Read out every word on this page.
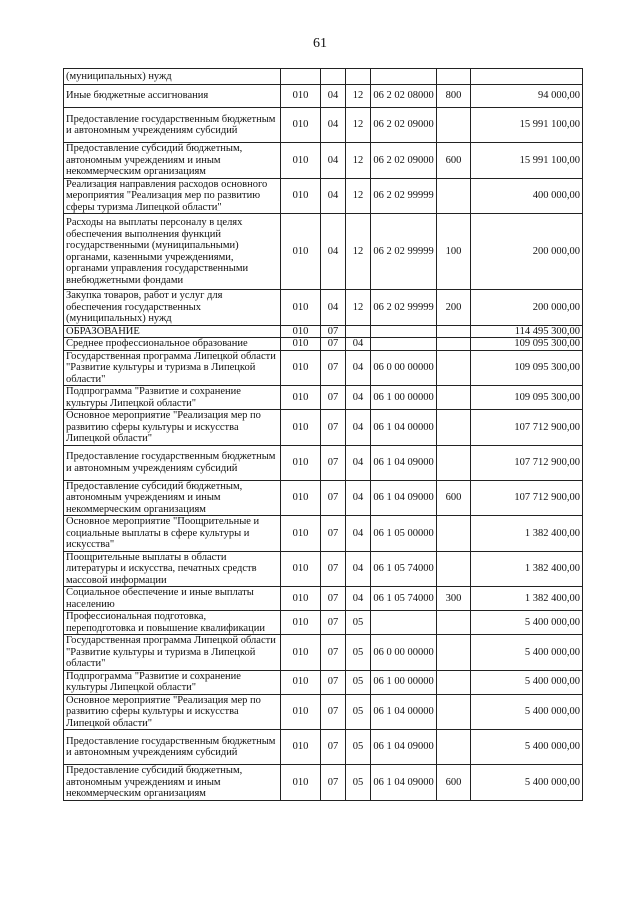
61
(муниципальных) нужд						
Иные бюджетные ассигнования	010	04	12	06 2 02 08000	800	94 000,00
Предоставление государственным бюджетным и автономным учреждениям субсидий	010	04	12	06 2 02 09000		15 991 100,00
Предоставление субсидий бюджетным, автономным учреждениям и иным некоммерческим организациям	010	04	12	06 2 02 09000	600	15 991 100,00
Реализация направления расходов основного мероприятия "Реализация мер по развитию сферы туризма Липецкой области"	010	04	12	06 2 02 99999		400 000,00
Расходы на выплаты персоналу в целях обеспечения выполнения функций государственными (муниципальными) органами, казенными учреждениями, органами управления государственными внебюджетными фондами	010	04	12	06 2 02 99999	100	200 000,00
Закупка товаров, работ и услуг для обеспечения государственных (муниципальных) нужд	010	04	12	06 2 02 99999	200	200 000,00
ОБРАЗОВАНИЕ	010	07				114 495 300,00
Среднее профессиональное образование	010	07	04			109 095 300,00
Государственная программа Липецкой области "Развитие культуры и туризма в Липецкой области"	010	07	04	06 0 00 00000		109 095 300,00
Подпрограмма "Развитие и сохранение культуры Липецкой области"	010	07	04	06 1 00 00000		109 095 300,00
Основное мероприятие "Реализация мер по развитию сферы культуры и искусства Липецкой области"	010	07	04	06 1 04 00000		107 712 900,00
Предоставление государственным бюджетным и автономным учреждениям субсидий	010	07	04	06 1 04 09000		107 712 900,00
Предоставление субсидий бюджетным, автономным учреждениям и иным некоммерческим организациям	010	07	04	06 1 04 09000	600	107 712 900,00
Основное мероприятие "Поощрительные и социальные выплаты в сфере культуры и искусства"	010	07	04	06 1 05 00000		1 382 400,00
Поощрительные выплаты в области литературы и искусства, печатных средств массовой информации	010	07	04	06 1 05 74000		1 382 400,00
Социальное обеспечение и иные выплаты населению	010	07	04	06 1 05 74000	300	1 382 400,00
Профессиональная подготовка, переподготовка и повышение квалификации	010	07	05			5 400 000,00
Государственная программа Липецкой области "Развитие культуры и туризма в Липецкой области"	010	07	05	06 0 00 00000		5 400 000,00
Подпрограмма "Развитие и сохранение культуры Липецкой области"	010	07	05	06 1 00 00000		5 400 000,00
Основное мероприятие "Реализация мер по развитию сферы культуры и искусства Липецкой области"	010	07	05	06 1 04 00000		5 400 000,00
Предоставление государственным бюджетным и автономным учреждениям субсидий	010	07	05	06 1 04 09000		5 400 000,00
Предоставление субсидий бюджетным, автономным учреждениям и иным некоммерческим организациям	010	07	05	06 1 04 09000	600	5 400 000,00
